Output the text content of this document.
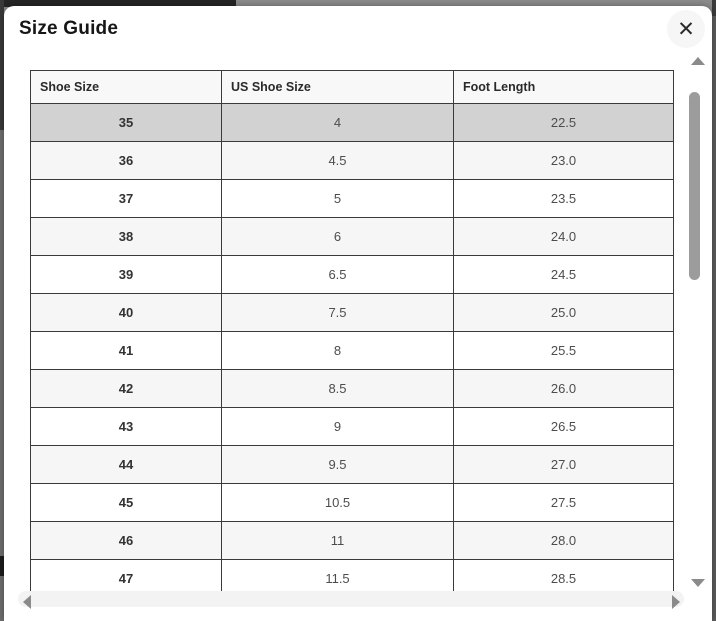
Size Guide	✕
Shoe Size	US Shoe Size	Foot Length
35	4	22.5
36	4.5	23.0
37	5	23.5
38	6	24.0
39	6.5	24.5
40	7.5	25.0
41	8	25.5
42	8.5	26.0
43	9	26.5
44	9.5	27.0
45	10.5	27.5
46	11	28.0
47	11.5	28.5
